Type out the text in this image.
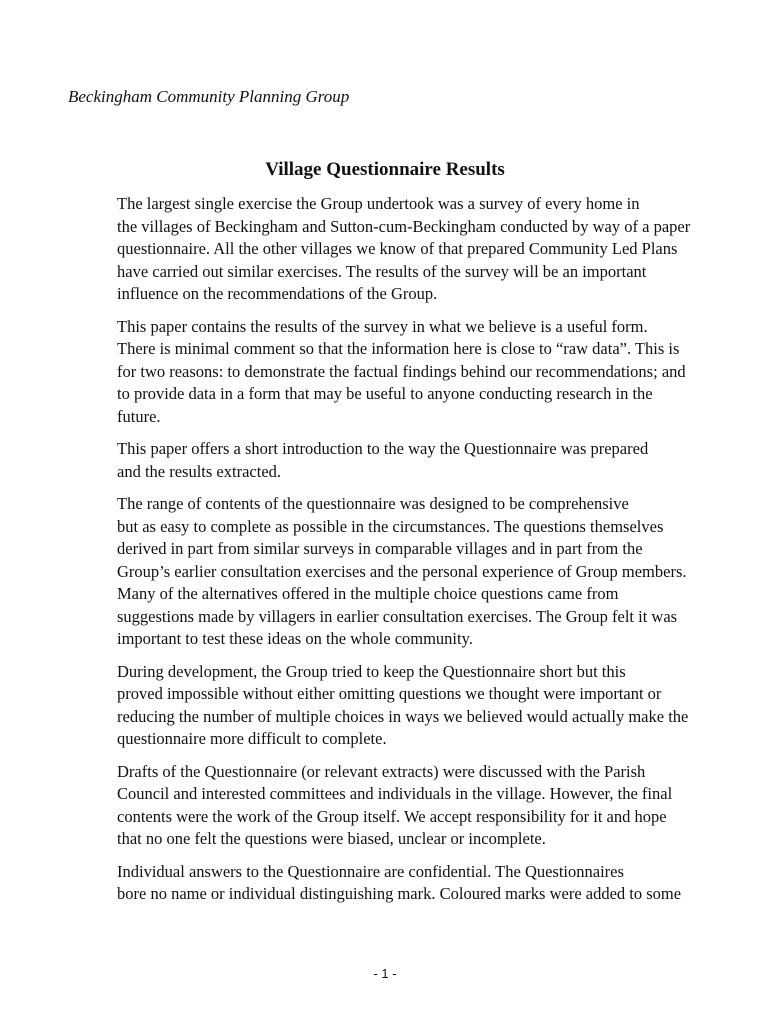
Beckingham Community Planning Group

Village Questionnaire Results

The largest single exercise the Group undertook was a survey of every home in
the villages of Beckingham and Sutton-cum-Beckingham conducted by way of a paper
questionnaire. All the other villages we know of that prepared Community Led Plans
have carried out similar exercises. The results of the survey will be an important
influence on the recommendations of the Group.

This paper contains the results of the survey in what we believe is a useful form.
There is minimal comment so that the information here is close to “raw data”. This is
for two reasons: to demonstrate the factual findings behind our recommendations; and
to provide data in a form that may be useful to anyone conducting research in the
future.

This paper offers a short introduction to the way the Questionnaire was prepared
and the results extracted.

The range of contents of the questionnaire was designed to be comprehensive
but as easy to complete as possible in the circumstances. The questions themselves
derived in part from similar surveys in comparable villages and in part from the
Group’s earlier consultation exercises and the personal experience of Group members.
Many of the alternatives offered in the multiple choice questions came from
suggestions made by villagers in earlier consultation exercises. The Group felt it was
important to test these ideas on the whole community.

During development, the Group tried to keep the Questionnaire short but this
proved impossible without either omitting questions we thought were important or
reducing the number of multiple choices in ways we believed would actually make the
questionnaire more difficult to complete.

Drafts of the Questionnaire (or relevant extracts) were discussed with the Parish
Council and interested committees and individuals in the village. However, the final
contents were the work of the Group itself. We accept responsibility for it and hope
that no one felt the questions were biased, unclear or incomplete.

Individual answers to the Questionnaire are confidential. The Questionnaires
bore no name or individual distinguishing mark. Coloured marks were added to some

- 1 -
